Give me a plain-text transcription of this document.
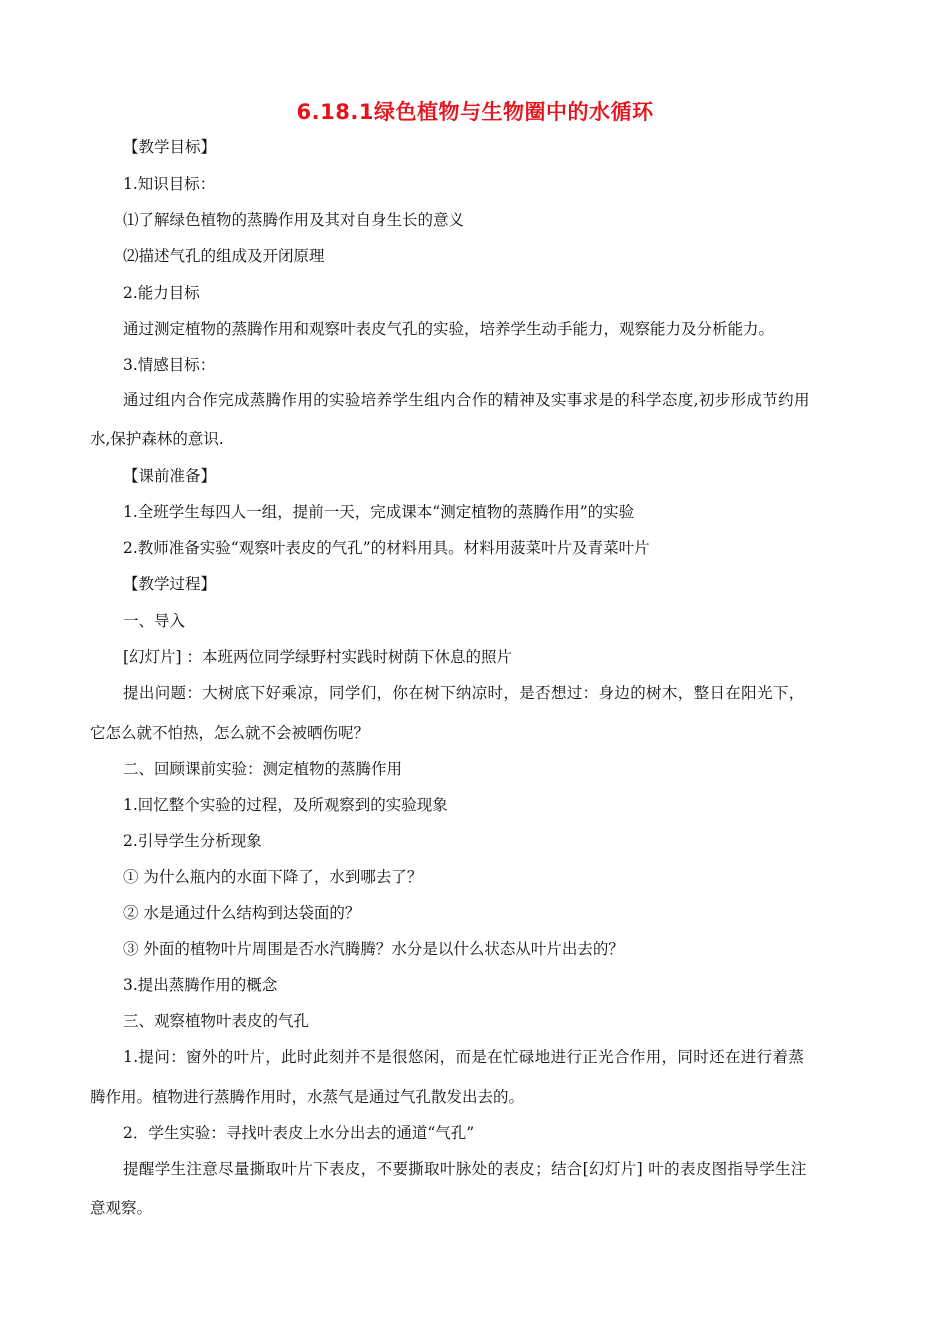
6.18.1绿色植物与生物圈中的水循环
【教学目标】
1.知识目标：
⑴了解绿色植物的蒸腾作用及其对自身生长的意义
⑵描述气孔的组成及开闭原理
2.能力目标
通过测定植物的蒸腾作用和观察叶表皮气孔的实验，培养学生动手能力，观察能力及分析能力。
3.情感目标：
通过组内合作完成蒸腾作用的实验培养学生组内合作的精神及实事求是的科学态度,初步形成节约用
水,保护森林的意识.
【课前准备】
1.全班学生每四人一组，提前一天，完成课本“测定植物的蒸腾作用”的实验
2.教师准备实验“观察叶表皮的气孔”的材料用具。材料用菠菜叶片及青菜叶片
【教学过程】
一、导入
[幻灯片] ：本班两位同学绿野村实践时树荫下休息的照片
提出问题：大树底下好乘凉，同学们，你在树下纳凉时，是否想过：身边的树木，整日在阳光下，
它怎么就不怕热，怎么就不会被晒伤呢？
二、回顾课前实验：测定植物的蒸腾作用
1.回忆整个实验的过程，及所观察到的实验现象
2.引导学生分析现象
① 为什么瓶内的水面下降了，水到哪去了？
② 水是通过什么结构到达袋面的？
③ 外面的植物叶片周围是否水汽腾腾？水分是以什么状态从叶片出去的？
3.提出蒸腾作用的概念
三、观察植物叶表皮的气孔
1.提问：窗外的叶片，此时此刻并不是很悠闲，而是在忙碌地进行正光合作用，同时还在进行着蒸
腾作用。植物进行蒸腾作用时，水蒸气是通过气孔散发出去的。
2．学生实验：寻找叶表皮上水分出去的通道“气孔”
提醒学生注意尽量撕取叶片下表皮，不要撕取叶脉处的表皮；结合[幻灯片] 叶的表皮图指导学生注
意观察。
